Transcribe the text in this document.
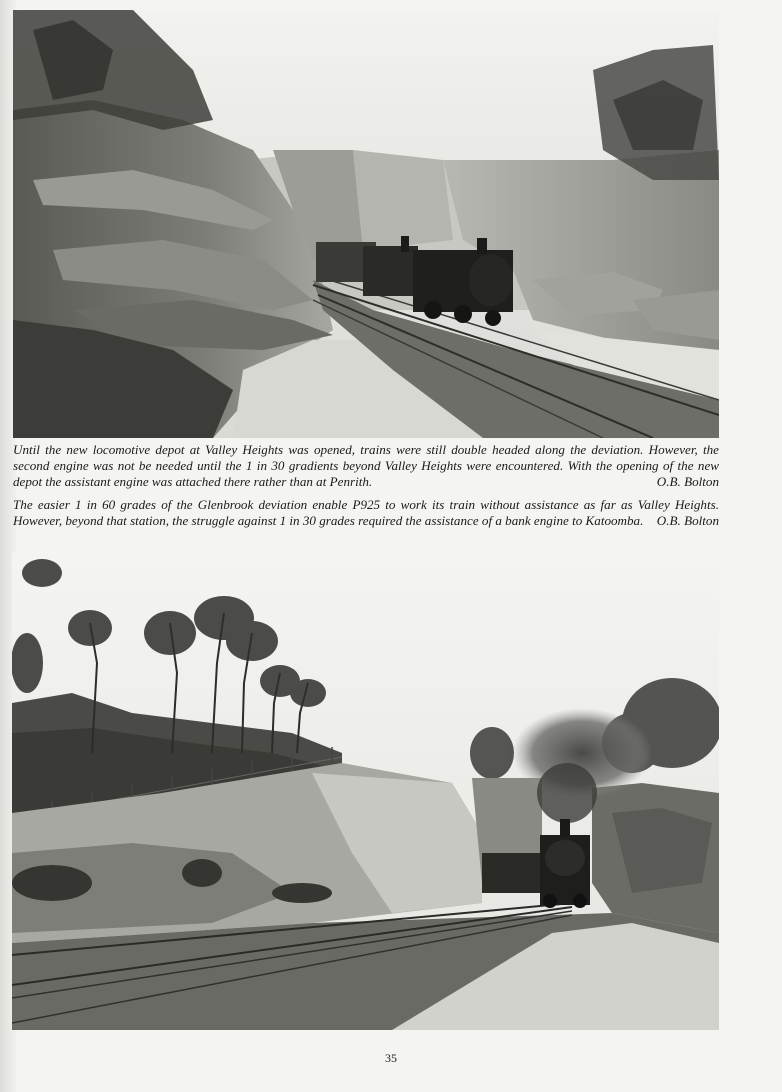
Until the new locomotive depot at Valley Heights was opened, trains were still double headed along the deviation. However, the second engine was not be needed until the 1 in 30 gradients beyond Valley Heights were encountered. With the opening of the new depot the assistant engine was attached there rather than at Penrith.	O.B. Bolton

The easier 1 in 60 grades of the Glenbrook deviation enable P925 to work its train without assistance as far as Valley Heights. However, beyond that station, the struggle against 1 in 30 grades required the assistance of a bank engine to Katoomba. O.B. Bolton

35
